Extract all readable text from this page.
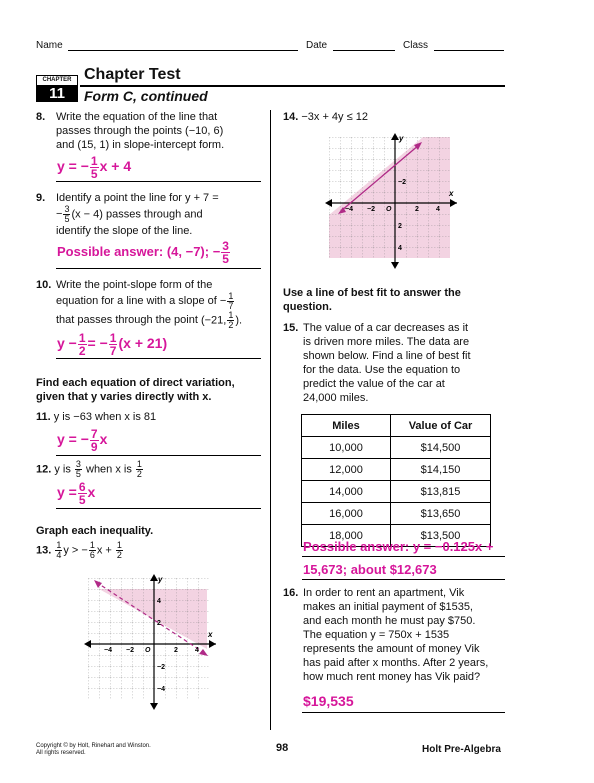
Name	Date	Class
CHAPTER
11
Chapter Test
Form C, continued
8. Write the equation of the line that

passes through the points (−10, 6)
and (15, 1) in slope-intercept form.
y = − $\frac{1}{5}$ x + 4
9. Identify a point the line for y + 7 =

− $\frac{3}{5} (x - 4)$ passes through and
identify the slope of the line.
Possible answer: (4, −7); − $\frac{3}{5}$
10. Write the point-slope form of the

equation for a line with a slope of − $\frac{1}{7}$

that passes through the point (−21, $\frac{1}{2}$ ).
$y - \frac{1}{2}$ = − $\frac{1}{7} (x + 21)$
Find each equation of direct variation,
given that y varies directly with x.
11. y is −63 when x is 81
y = − $\frac{7}{9}$ x
12. y is $\frac{3}{5}$ when x is $\frac{1}{2}$
$y = \frac{6}{5}$ x
Graph each inequality.
13. $\frac{1}{4}$ y > − $\frac{1}{6}$ $x + \frac{1}{2}$
y
x
−4 −2 O	2 4
2
4
−2
−4
14. −3x + 4y ≤ 12
y
x
−4 −2 O	2 4
−2
2
4
Use a line of best fit to answer the
question.
15. The value of a car decreases as it

is driven more miles. The data are
shown below. Find a line of best fit
for the data. Use the equation to
predict the value of the car at
24,000 miles.
Miles	Value of Car
10,000	$14,500
12,000	$14,150
14,000	$13,815
16,000	$13,650
18,000	$13,500
Possible answer: y = −0.125x +
15,673; about $12,673
16. In order to rent an apartment, Vik

makes an initial payment of $1535,
and each month he must pay $750.
The equation y = 750x + 1535
represents the amount of money Vik
has paid after x months. After 2 years,
how much rent money has Vik paid?
$19,535
Copyright © by Holt, Rinehart and Winston.
All rights reserved.	98	Holt Pre-Algebra
